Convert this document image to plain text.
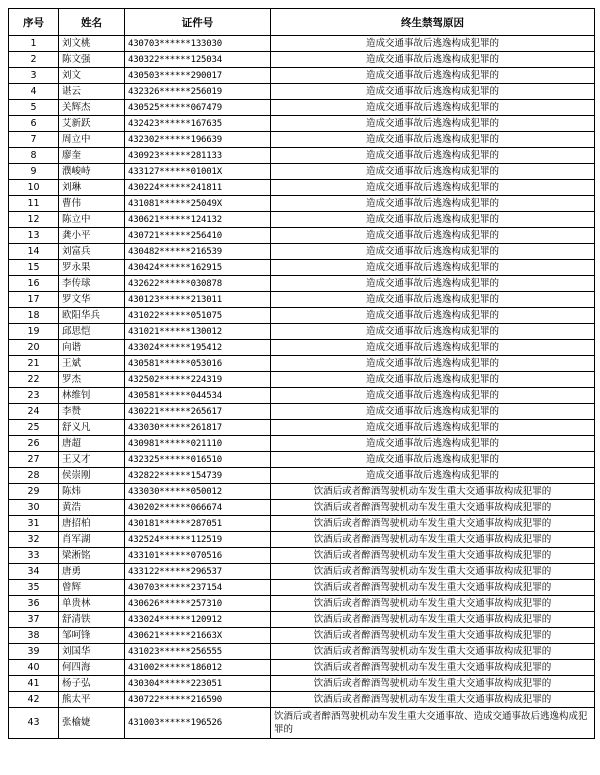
序号	姓名	证件号	终生禁驾原因
1	刘文桃	430703******133030	造成交通事故后逃逸构成犯罪的
2	陈文强	430322******125034	造成交通事故后逃逸构成犯罪的
3	刘文	430503******290017	造成交通事故后逃逸构成犯罪的
4	谌云	432326******256019	造成交通事故后逃逸构成犯罪的
5	关辉杰	430525******067479	造成交通事故后逃逸构成犯罪的
6	艾新跃	432423******167635	造成交通事故后逃逸构成犯罪的
7	周立中	432302******196639	造成交通事故后逃逸构成犯罪的
8	廖奎	430923******281133	造成交通事故后逃逸构成犯罪的
9	濮峻峙	433127******01001X	造成交通事故后逃逸构成犯罪的
10	刘琳	430224******241811	造成交通事故后逃逸构成犯罪的
11	曹伟	431081******25049X	造成交通事故后逃逸构成犯罪的
12	陈立中	430621******124132	造成交通事故后逃逸构成犯罪的
13	龚小平	430721******256410	造成交通事故后逃逸构成犯罪的
14	刘富兵	430482******216539	造成交通事故后逃逸构成犯罪的
15	罗永果	430424******162915	造成交通事故后逃逸构成犯罪的
16	李传球	432622******030878	造成交通事故后逃逸构成犯罪的
17	罗文华	430123******213011	造成交通事故后逃逸构成犯罪的
18	欧阳华兵	431022******051075	造成交通事故后逃逸构成犯罪的
19	邱思恺	431021******130012	造成交通事故后逃逸构成犯罪的
20	向谐	433024******195412	造成交通事故后逃逸构成犯罪的
21	王斌	430581******053016	造成交通事故后逃逸构成犯罪的
22	罗杰	432502******224319	造成交通事故后逃逸构成犯罪的
23	林维钊	430581******044534	造成交通事故后逃逸构成犯罪的
24	李赞	430221******265617	造成交通事故后逃逸构成犯罪的
25	舒义凡	433030******261817	造成交通事故后逃逸构成犯罪的
26	唐超	430981******021110	造成交通事故后逃逸构成犯罪的
27	王又才	432325******016510	造成交通事故后逃逸构成犯罪的
28	侯崇刚	432822******154739	造成交通事故后逃逸构成犯罪的
29	陈炜	433030******050012	饮酒后或者醉酒驾驶机动车发生重大交通事故构成犯罪的
30	黄浩	430202******066674	饮酒后或者醉酒驾驶机动车发生重大交通事故构成犯罪的
31	唐招柏	430181******287051	饮酒后或者醉酒驾驶机动车发生重大交通事故构成犯罪的
32	肖军湖	432524******112519	饮酒后或者醉酒驾驶机动车发生重大交通事故构成犯罪的
33	梁淅铭	433101******070516	饮酒后或者醉酒驾驶机动车发生重大交通事故构成犯罪的
34	唐勇	433122******296537	饮酒后或者醉酒驾驶机动车发生重大交通事故构成犯罪的
35	曾辉	430703******237154	饮酒后或者醉酒驾驶机动车发生重大交通事故构成犯罪的
36	单贵林	430626******257310	饮酒后或者醉酒驾驶机动车发生重大交通事故构成犯罪的
37	舒清铁	433024******120912	饮酒后或者醉酒驾驶机动车发生重大交通事故构成犯罪的
38	邹呵锋	430621******21663X	饮酒后或者醉酒驾驶机动车发生重大交通事故构成犯罪的
39	刘国华	431023******256555	饮酒后或者醉酒驾驶机动车发生重大交通事故构成犯罪的
40	何四海	431002******186012	饮酒后或者醉酒驾驶机动车发生重大交通事故构成犯罪的
41	杨子弘	430304******223051	饮酒后或者醉酒驾驶机动车发生重大交通事故构成犯罪的
42	熊太平	430722******216590	饮酒后或者醉酒驾驶机动车发生重大交通事故构成犯罪的
43	张榆婕	431003******196526	饮酒后或者醉酒驾驶机动车发生重大交通事故、造成交通事故后逃逸构成犯罪的
